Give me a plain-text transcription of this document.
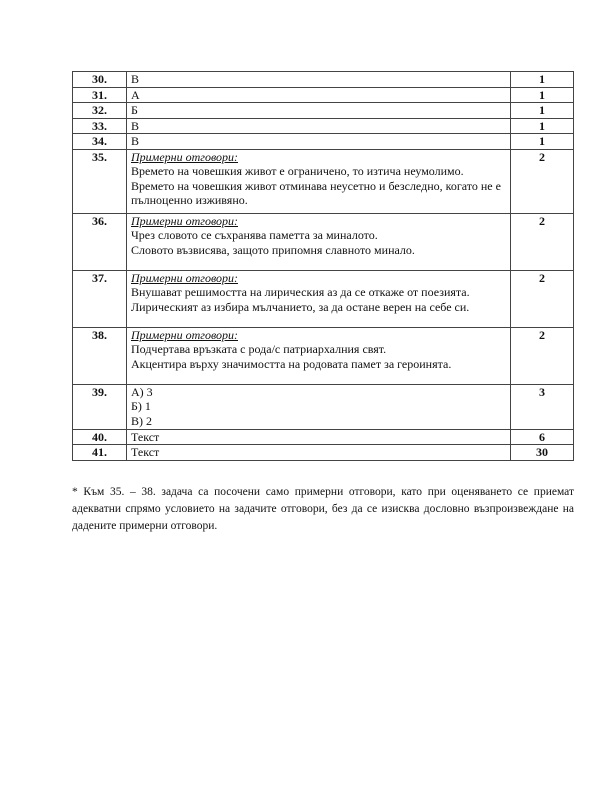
30.	В	1
31.	А	1
32.	Б	1
33.	В	1
34.	В	1
35.	Примерни отговори:
Времето на човешкия живот е ограничено, то изтича неумолимо.
Времето на човешкия живот отминава неусетно и безследно, когато не е пълноценно изживяно.	2
36.	Примерни отговори:
Чрез словото се съхранява паметта за миналото.
Словото възвисява, защото припомня славното минало.	2
37.	Примерни отговори:
Внушават решимостта на лирическия аз да се откаже от поезията.
Лирическият аз избира мълчанието, за да остане верен на себе си.	2
38.	Примерни отговори:
Подчертава връзката с рода/с патриархалния свят.
Акцентира върху значимостта на родовата памет за героинята.	2
39.	А) 3
Б) 1
В) 2	3
40.	Текст	6
41.	Текст	30

* Към 35. – 38. задача са посочени само примерни отговори, като при оценяването се приемат адекватни спрямо условието на задачите отговори, без да се изисква дословно възпроизвеждане на дадените примерни отговори.
